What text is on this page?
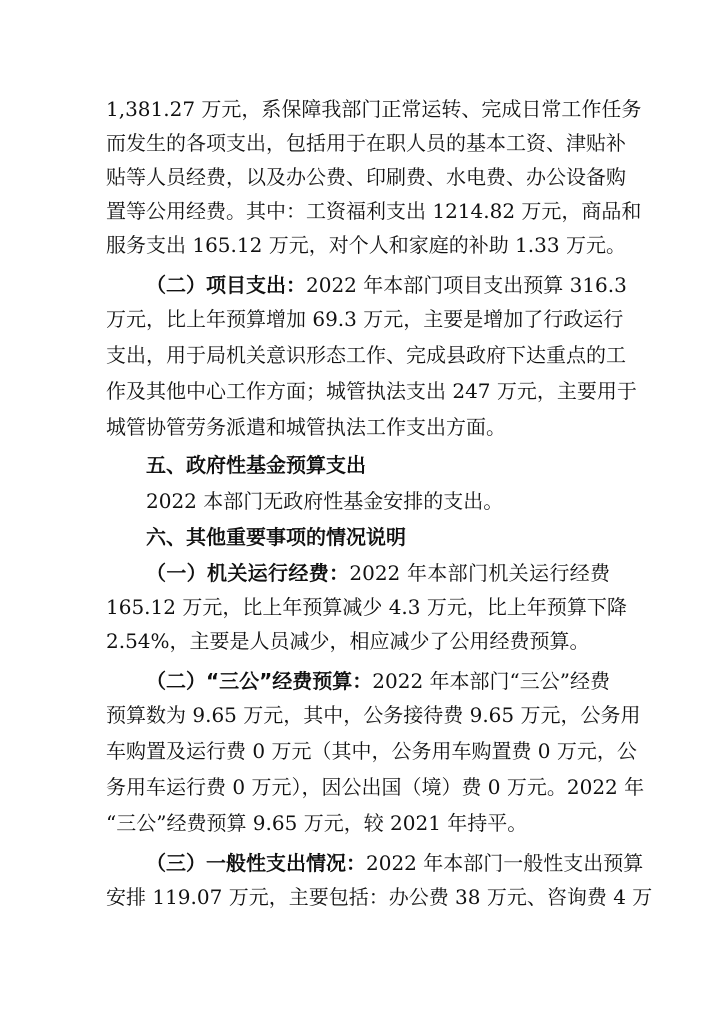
1,381.27 万元，系保障我部门正常运转、完成日常工作任务
而发生的各项支出，包括用于在职人员的基本工资、津贴补
贴等人员经费，以及办公费、印刷费、水电费、办公设备购
置等公用经费。其中：工资福利支出 1214.82 万元，商品和
服务支出 165.12 万元，对个人和家庭的补助 1.33 万元。
（二）项目支出：2022 年本部门项目支出预算 316.3
万元，比上年预算增加 69.3 万元，主要是增加了行政运行
支出，用于局机关意识形态工作、完成县政府下达重点的工
作及其他中心工作方面；城管执法支出 247 万元，主要用于
城管协管劳务派遣和城管执法工作支出方面。
五、政府性基金预算支出
2022 本部门无政府性基金安排的支出。
六、其他重要事项的情况说明
（一）机关运行经费：2022 年本部门机关运行经费
165.12 万元，比上年预算减少 4.3 万元，比上年预算下降
2.54%，主要是人员减少，相应减少了公用经费预算。
（二）“三公”经费预算：2022 年本部门“三公”经费
预算数为 9.65 万元，其中，公务接待费 9.65 万元，公务用
车购置及运行费 0 万元（其中，公务用车购置费 0 万元，公
务用车运行费 0 万元），因公出国（境）费 0 万元。2022 年
“三公”经费预算 9.65 万元，较 2021 年持平。
（三）一般性支出情况：2022 年本部门一般性支出预算
安排 119.07 万元，主要包括：办公费 38 万元、咨询费 4 万
